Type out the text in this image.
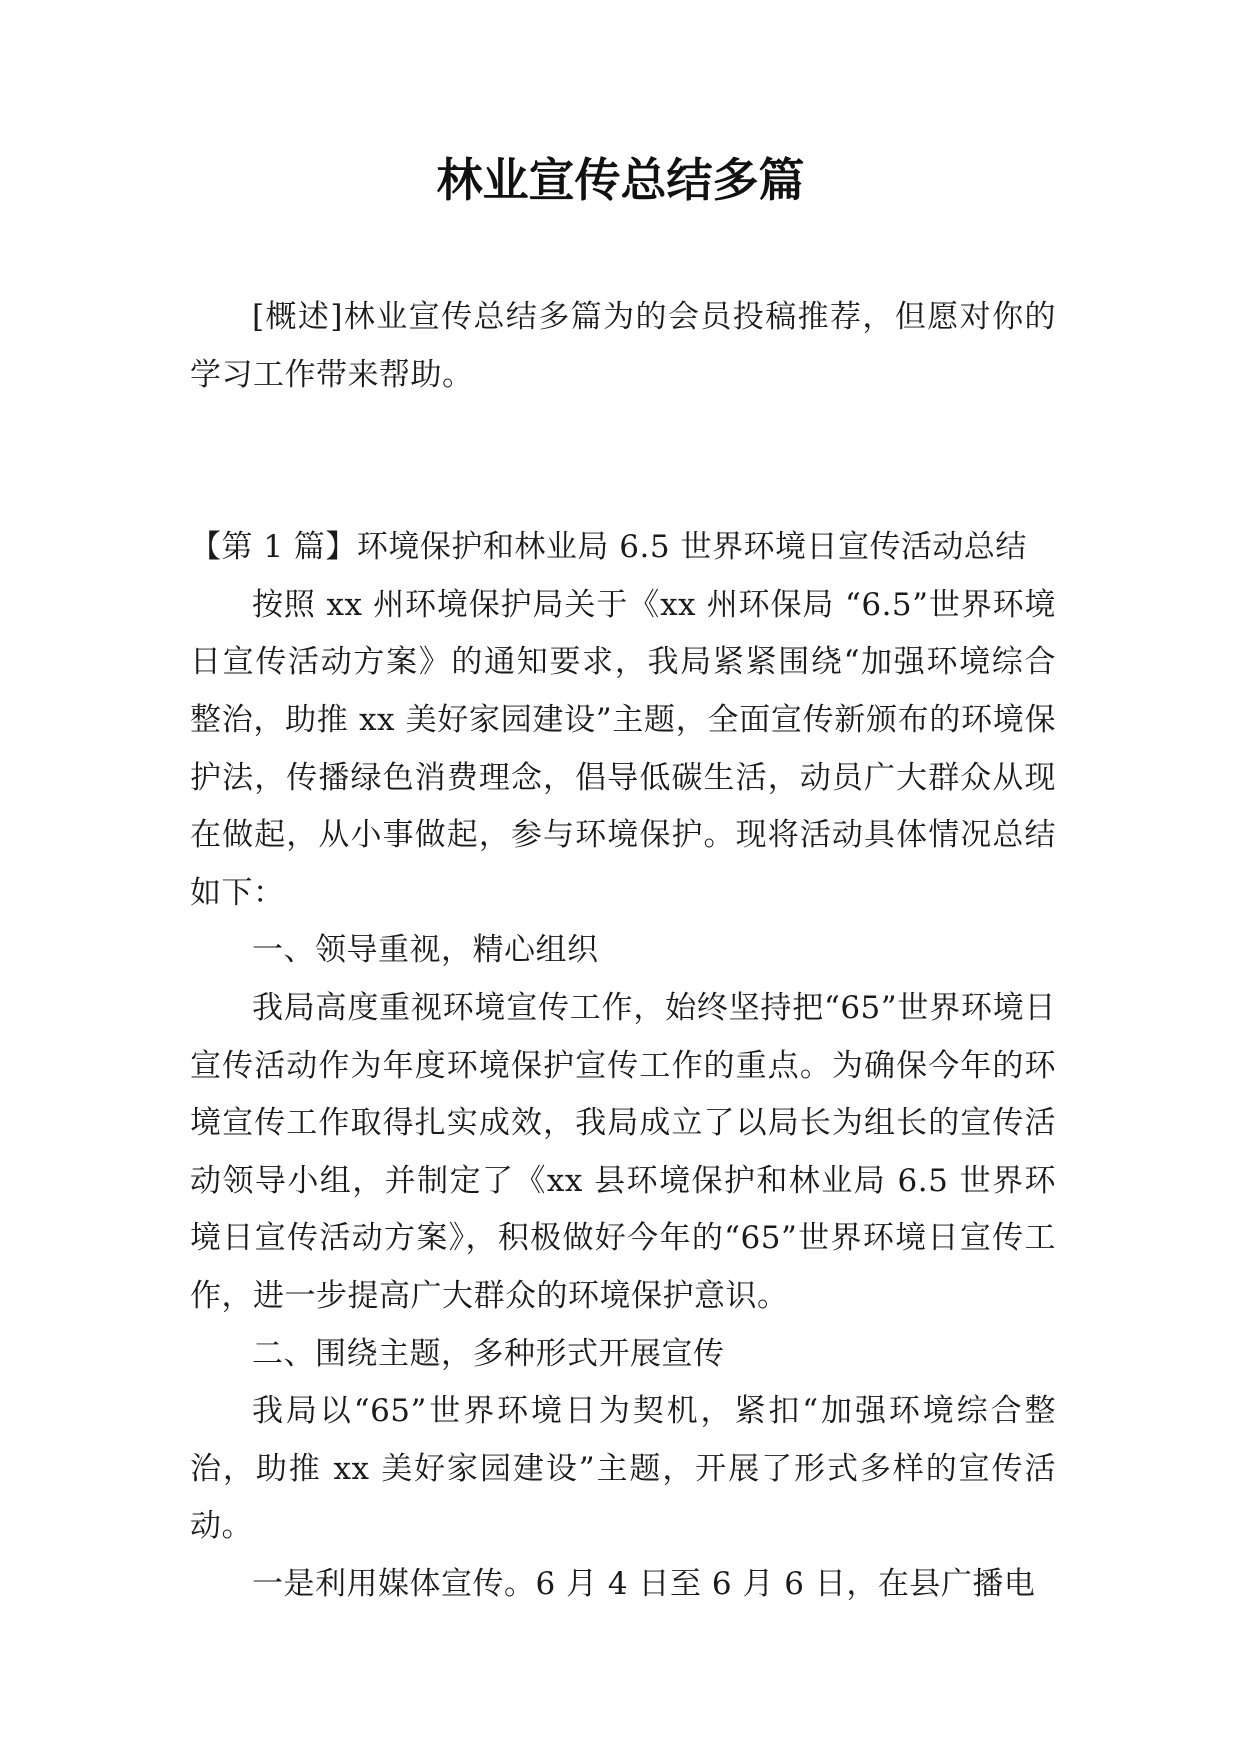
林业宣传总结多篇

[概述]林业宣传总结多篇为的会员投稿推荐，但愿对你的学习工作带来帮助。

【第 1 篇】环境保护和林业局 6.5 世界环境日宣传活动总结

按照 xx 州环境保护局关于《xx 州环保局 “6.5”世界环境日宣传活动方案》的通知要求，我局紧紧围绕“加强环境综合整治，助推 xx 美好家园建设”主题，全面宣传新颁布的环境保护法，传播绿色消费理念，倡导低碳生活，动员广大群众从现在做起，从小事做起，参与环境保护。现将活动具体情况总结如下：

一、领导重视，精心组织

我局高度重视环境宣传工作，始终坚持把“65”世界环境日宣传活动作为年度环境保护宣传工作的重点。为确保今年的环境宣传工作取得扎实成效，我局成立了以局长为组长的宣传活动领导小组，并制定了《xx 县环境保护和林业局 6.5 世界环境日宣传活动方案》，积极做好今年的“65”世界环境日宣传工作，进一步提高广大群众的环境保护意识。

二、围绕主题，多种形式开展宣传

我局以“65”世界环境日为契机，紧扣“加强环境综合整治，助推 xx 美好家园建设”主题，开展了形式多样的宣传活动。

一是利用媒体宣传。6 月 4 日至 6 月 6 日，在县广播电
